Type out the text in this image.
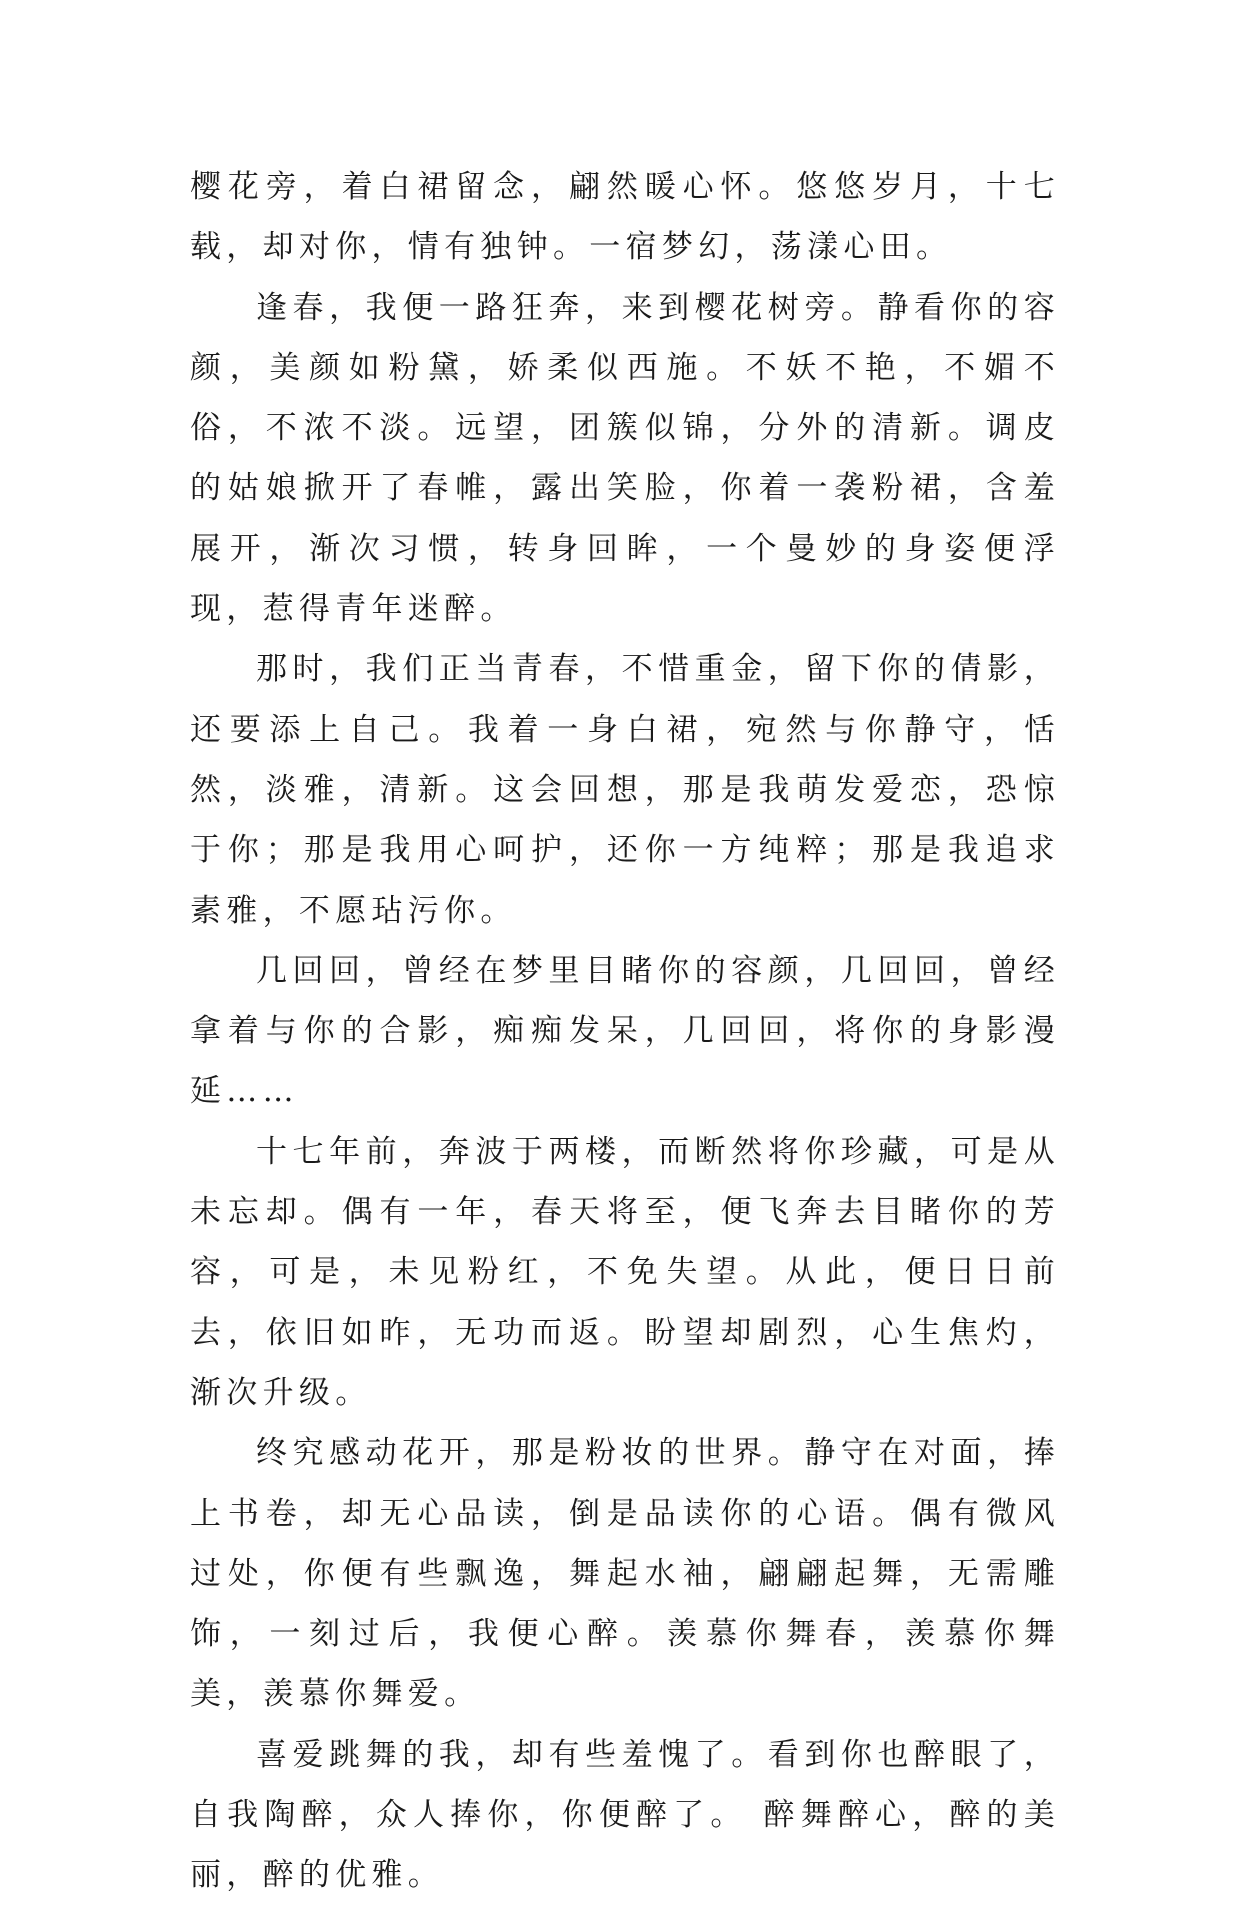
樱花旁，着白裙留念，翩然暖心怀。悠悠岁月，十七载，却对你，情有独钟。一宿梦幻，荡漾心田。

逢春，我便一路狂奔，来到樱花树旁。静看你的容颜，美颜如粉黛，娇柔似西施。不妖不艳，不媚不俗，不浓不淡。远望，团簇似锦，分外的清新。调皮的姑娘掀开了春帷，露出笑脸，你着一袭粉裙，含羞展开，渐次习惯，转身回眸，一个曼妙的身姿便浮现，惹得青年迷醉。

那时，我们正当青春，不惜重金，留下你的倩影，还要添上自己。我着一身白裙，宛然与你静守，恬然，淡雅，清新。这会回想，那是我萌发爱恋，恐惊于你；那是我用心呵护，还你一方纯粹；那是我追求素雅，不愿玷污你。

几回回，曾经在梦里目睹你的容颜，几回回，曾经拿着与你的合影，痴痴发呆，几回回，将你的身影漫延……

十七年前，奔波于两楼，而断然将你珍藏，可是从未忘却。偶有一年，春天将至，便飞奔去目睹你的芳容，可是，未见粉红，不免失望。从此，便日日前去，依旧如昨，无功而返。盼望却剧烈，心生焦灼，渐次升级。

终究感动花开，那是粉妆的世界。静守在对面，捧上书卷，却无心品读，倒是品读你的心语。偶有微风过处，你便有些飘逸，舞起水袖，翩翩起舞，无需雕饰，一刻过后，我便心醉。羡慕你舞春，羡慕你舞美，羡慕你舞爱。

喜爱跳舞的我，却有些羞愧了。看到你也醉眼了，自我陶醉，众人捧你，你便醉了。 醉舞醉心，醉的美丽，醉的优雅。
